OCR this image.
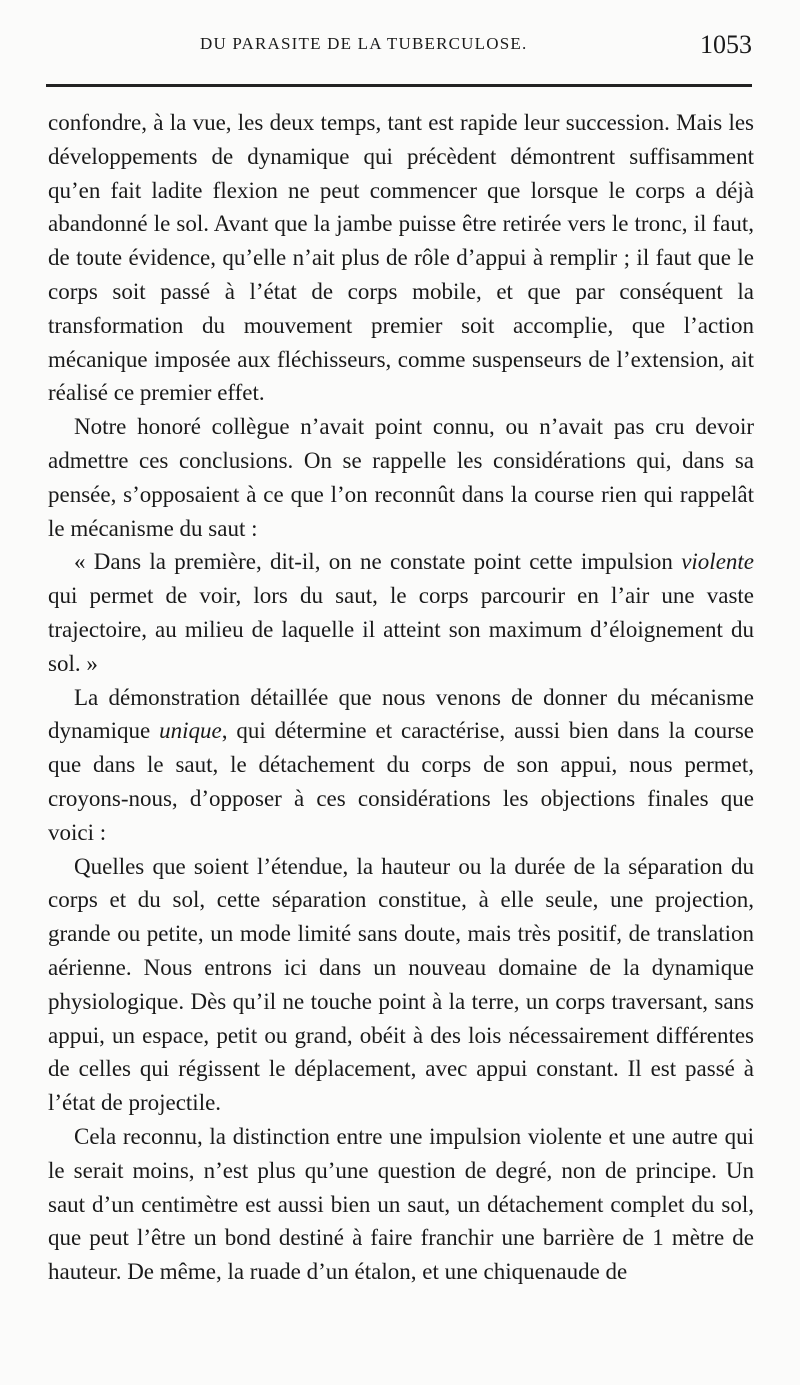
DU PARASITE DE LA TUBERCULOSE.	1053

confondre, à la vue, les deux temps, tant est rapide leur succession. Mais les développements de dynamique qui précèdent démontrent suffisamment qu’en fait ladite flexion ne peut commencer que lorsque le corps a déjà abandonné le sol. Avant que la jambe puisse être retirée vers le tronc, il faut, de toute évidence, qu’elle n’ait plus de rôle d’appui à remplir ; il faut que le corps soit passé à l’état de corps mobile, et que par conséquent la transformation du mouvement premier soit accomplie, que l’action mécanique imposée aux fléchisseurs, comme suspenseurs de l’extension, ait réalisé ce premier effet.

Notre honoré collègue n’avait point connu, ou n’avait pas cru devoir admettre ces conclusions. On se rappelle les considérations qui, dans sa pensée, s’opposaient à ce que l’on reconnût dans la course rien qui rappelât le mécanisme du saut :

« Dans la première, dit-il, on ne constate point cette impulsion violente qui permet de voir, lors du saut, le corps parcourir en l’air une vaste trajectoire, au milieu de laquelle il atteint son maximum d’éloignement du sol. »

La démonstration détaillée que nous venons de donner du mécanisme dynamique unique, qui détermine et caractérise, aussi bien dans la course que dans le saut, le détachement du corps de son appui, nous permet, croyons-nous, d’opposer à ces considérations les objections finales que voici :

Quelles que soient l’étendue, la hauteur ou la durée de la séparation du corps et du sol, cette séparation constitue, à elle seule, une projection, grande ou petite, un mode limité sans doute, mais très positif, de translation aérienne. Nous entrons ici dans un nouveau domaine de la dynamique physiologique. Dès qu’il ne touche point à la terre, un corps traversant, sans appui, un espace, petit ou grand, obéit à des lois nécessairement différentes de celles qui régissent le déplacement, avec appui constant. Il est passé à l’état de projectile.

Cela reconnu, la distinction entre une impulsion violente et une autre qui le serait moins, n’est plus qu’une question de degré, non de principe. Un saut d’un centimètre est aussi bien un saut, un détachement complet du sol, que peut l’être un bond destiné à faire franchir une barrière de 1 mètre de hauteur. De même, la ruade d’un étalon, et une chiquenaude de
